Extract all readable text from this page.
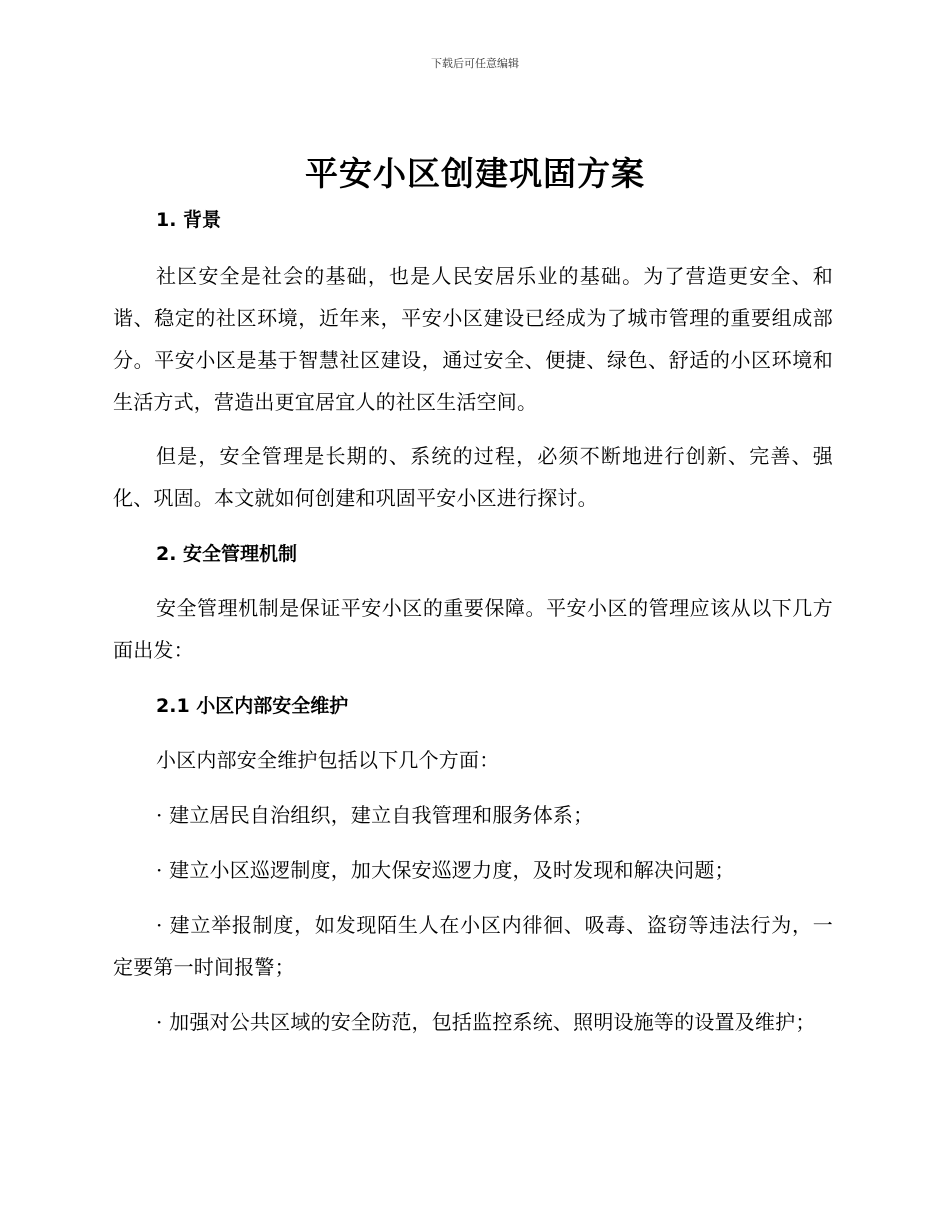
下载后可任意编辑
平安小区创建巩固方案

1. 背景

社区安全是社会的基础，也是人民安居乐业的基础。为了营造更安全、和谐、稳定的社区环境，近年来，平安小区建设已经成为了城市管理的重要组成部分。平安小区是基于智慧社区建设，通过安全、便捷、绿色、舒适的小区环境和生活方式，营造出更宜居宜人的社区生活空间。

但是，安全管理是长期的、系统的过程，必须不断地进行创新、完善、强化、巩固。本文就如何创建和巩固平安小区进行探讨。

2. 安全管理机制

安全管理机制是保证平安小区的重要保障。平安小区的管理应该从以下几方面出发：

2.1 小区内部安全维护

小区内部安全维护包括以下几个方面：

· 建立居民自治组织，建立自我管理和服务体系；

· 建立小区巡逻制度，加大保安巡逻力度，及时发现和解决问题；

· 建立举报制度，如发现陌生人在小区内徘徊、吸毒、盗窃等违法行为，一定要第一时间报警；

· 加强对公共区域的安全防范，包括监控系统、照明设施等的设置及维护；
